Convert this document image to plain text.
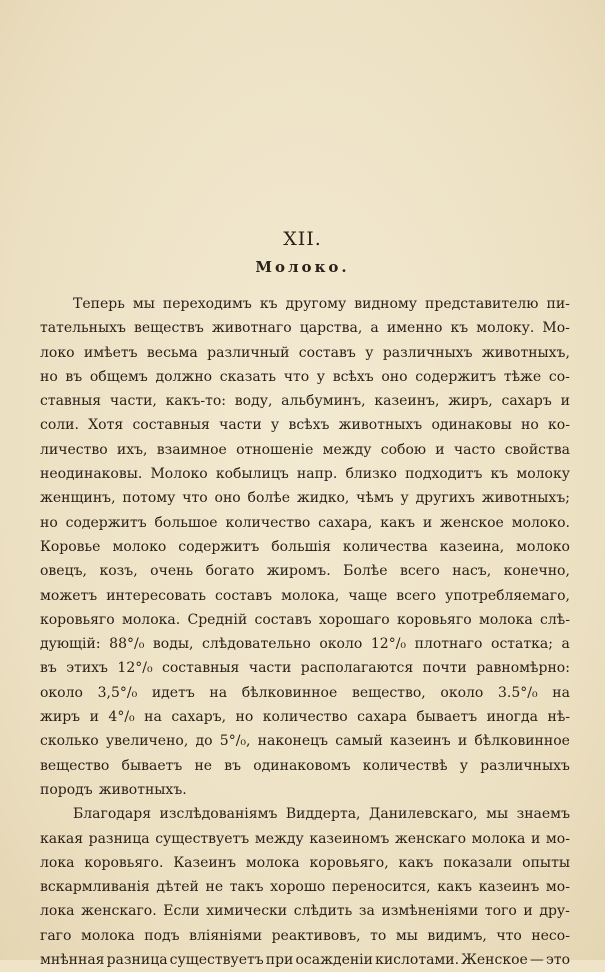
XII.
Молоко.
Теперь мы переходимъ къ другому видному представителю пи-
тательныхъ веществъ животнаго царства, а именно къ молоку. Мо-
локо имѣетъ весьма различный составъ у различныхъ животныхъ,
но въ общемъ должно сказать что у всѣхъ оно содержитъ тѣже со-
ставныя части, какъ-то: воду, альбуминъ, казеинъ, жиръ, сахаръ и
соли. Хотя составныя части у всѣхъ животныхъ одинаковы но ко-
личество ихъ, взаимное отношеніе между собою и часто свойства
неодинаковы. Молоко кобылицъ напр. близко подходитъ къ молоку
женщинъ, потому что оно болѣе жидко, чѣмъ у другихъ животныхъ;
но содержитъ большое количество сахара, какъ и женское молоко.
Коровье молоко содержитъ большія количества казеина, молоко
овецъ, козъ, очень богато жиромъ. Болѣе всего насъ, конечно,
можетъ интересовать составъ молока, чаще всего употребляемаго,
коровьяго молока. Средній составъ хорошаго коровьяго молока слѣ-
дующій: 88°/₀ воды, слѣдовательно около 12°/₀ плотнаго остатка; а
въ этихъ 12°/₀ составныя части располагаются почти равномѣрно:
около 3,5°/₀ идетъ на бѣлковинное вещество, около 3.5°/₀ на
жиръ и 4°/₀ на сахаръ, но количество сахара бываетъ иногда нѣ-
сколько увеличено, до 5°/₀, наконецъ самый казеинъ и бѣлковинное
вещество бываетъ не въ одинаковомъ количествѣ у различныхъ
породъ животныхъ.
Благодаря изслѣдованіямъ Виддерта, Данилевскаго, мы знаемъ
какая разница существуетъ между казеиномъ женскаго молока и мо-
лока коровьяго. Казеинъ молока коровьяго, какъ показали опыты
вскармливанія дѣтей не такъ хорошо переносится, какъ казеинъ мо-
лока женскаго. Если химически слѣдить за измѣненіями того и дру-
гаго молока подъ вліяніями реактивовъ, то мы видимъ, что несо-
мнѣнная разница существуетъ при осажденіи кислотами. Женское — это
